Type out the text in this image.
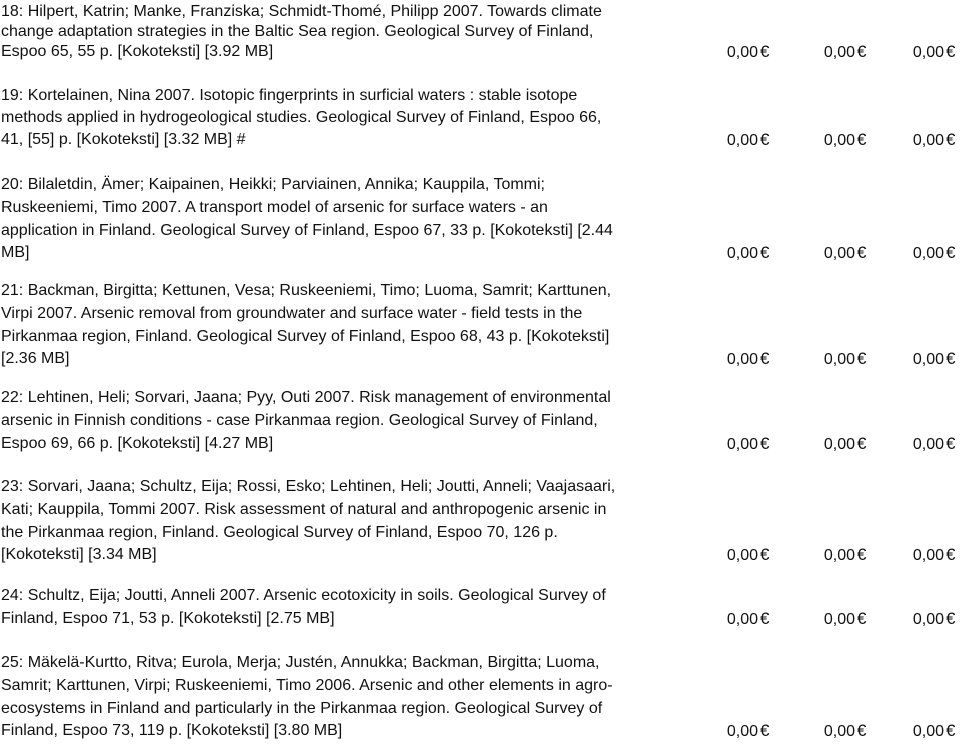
18: Hilpert, Katrin; Manke, Franziska; Schmidt-Thomé, Philipp 2007. Towards climate
change adaptation strategies in the Baltic Sea region. Geological Survey of Finland,
Espoo 65, 55 p. [Kokoteksti] [3.92 MB]	0,00 €	0,00 €	0,00 €
19: Kortelainen, Nina 2007. Isotopic fingerprints in surficial waters : stable isotope
methods applied in hydrogeological studies. Geological Survey of Finland, Espoo 66,
41, [55] p. [Kokoteksti] [3.32 MB] #	0,00 €	0,00 €	0,00 €
20: Bilaletdin, Ämer; Kaipainen, Heikki; Parviainen, Annika; Kauppila, Tommi;
Ruskeeniemi, Timo 2007. A transport model of arsenic for surface waters - an
application in Finland. Geological Survey of Finland, Espoo 67, 33 p. [Kokoteksti] [2.44
MB]	0,00 €	0,00 €	0,00 €
21: Backman, Birgitta; Kettunen, Vesa; Ruskeeniemi, Timo; Luoma, Samrit; Karttunen,
Virpi 2007. Arsenic removal from groundwater and surface water - field tests in the
Pirkanmaa region, Finland. Geological Survey of Finland, Espoo 68, 43 p. [Kokoteksti]
[2.36 MB]	0,00 €	0,00 €	0,00 €
22: Lehtinen, Heli; Sorvari, Jaana; Pyy, Outi 2007. Risk management of environmental
arsenic in Finnish conditions - case Pirkanmaa region. Geological Survey of Finland,
Espoo 69, 66 p. [Kokoteksti] [4.27 MB]	0,00 €	0,00 €	0,00 €
23: Sorvari, Jaana; Schultz, Eija; Rossi, Esko; Lehtinen, Heli; Joutti, Anneli; Vaajasaari,
Kati; Kauppila, Tommi 2007. Risk assessment of natural and anthropogenic arsenic in
the Pirkanmaa region, Finland. Geological Survey of Finland, Espoo 70, 126 p.
[Kokoteksti] [3.34 MB]	0,00 €	0,00 €	0,00 €
24: Schultz, Eija; Joutti, Anneli 2007. Arsenic ecotoxicity in soils. Geological Survey of
Finland, Espoo 71, 53 p. [Kokoteksti] [2.75 MB]	0,00 €	0,00 €	0,00 €
25: Mäkelä-Kurtto, Ritva; Eurola, Merja; Justén, Annukka; Backman, Birgitta; Luoma,
Samrit; Karttunen, Virpi; Ruskeeniemi, Timo 2006. Arsenic and other elements in agro-
ecosystems in Finland and particularly in the Pirkanmaa region. Geological Survey of
Finland, Espoo 73, 119 p. [Kokoteksti] [3.80 MB]	0,00 €	0,00 €	0,00 €
